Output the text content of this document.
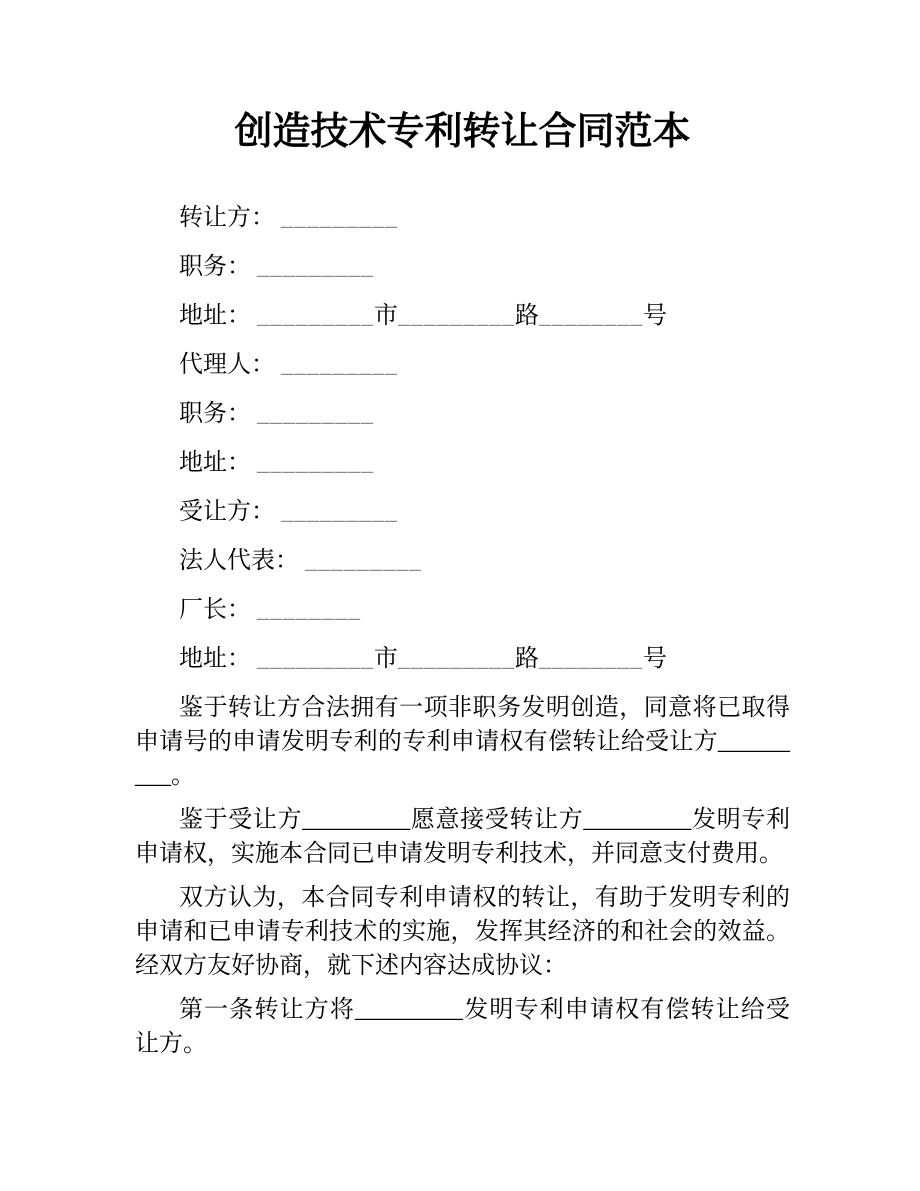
创造技术专利转让合同范本
转让方： _________
职务： _________
地址： _________市_________路________号
代理人： _________
职务： _________
地址： _________
受让方： _________
法人代表： _________
厂长： ________
地址： _________市_________路________号

鉴于转让方合法拥有一项非职务发明创造，同意将已取得申请号的申请发明专利的专利申请权有偿转让给受让方_________。

鉴于受让方_________愿意接受转让方_________发明专利申请权，实施本合同已申请发明专利技术，并同意支付费用。

双方认为，本合同专利申请权的转让，有助于发明专利的申请和已申请专利技术的实施，发挥其经济的和社会的效益。经双方友好协商，就下述内容达成协议：

第一条转让方将_________发明专利申请权有偿转让给受让方。
